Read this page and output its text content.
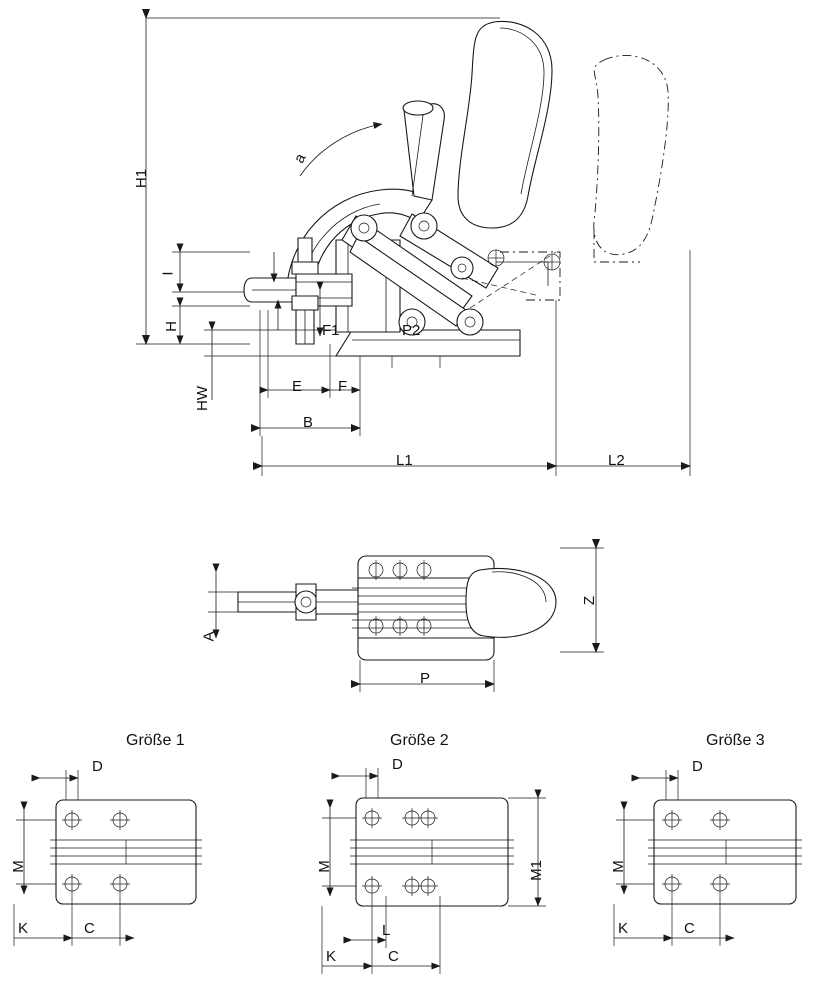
H1
I
H
HW
F1	P2
a
E F
B
L1	L2
A
Z
P
Größe 1	Größe 2	Größe 3
D
M
K	C
D
M	M1
L
K	C
D
M
K	C
